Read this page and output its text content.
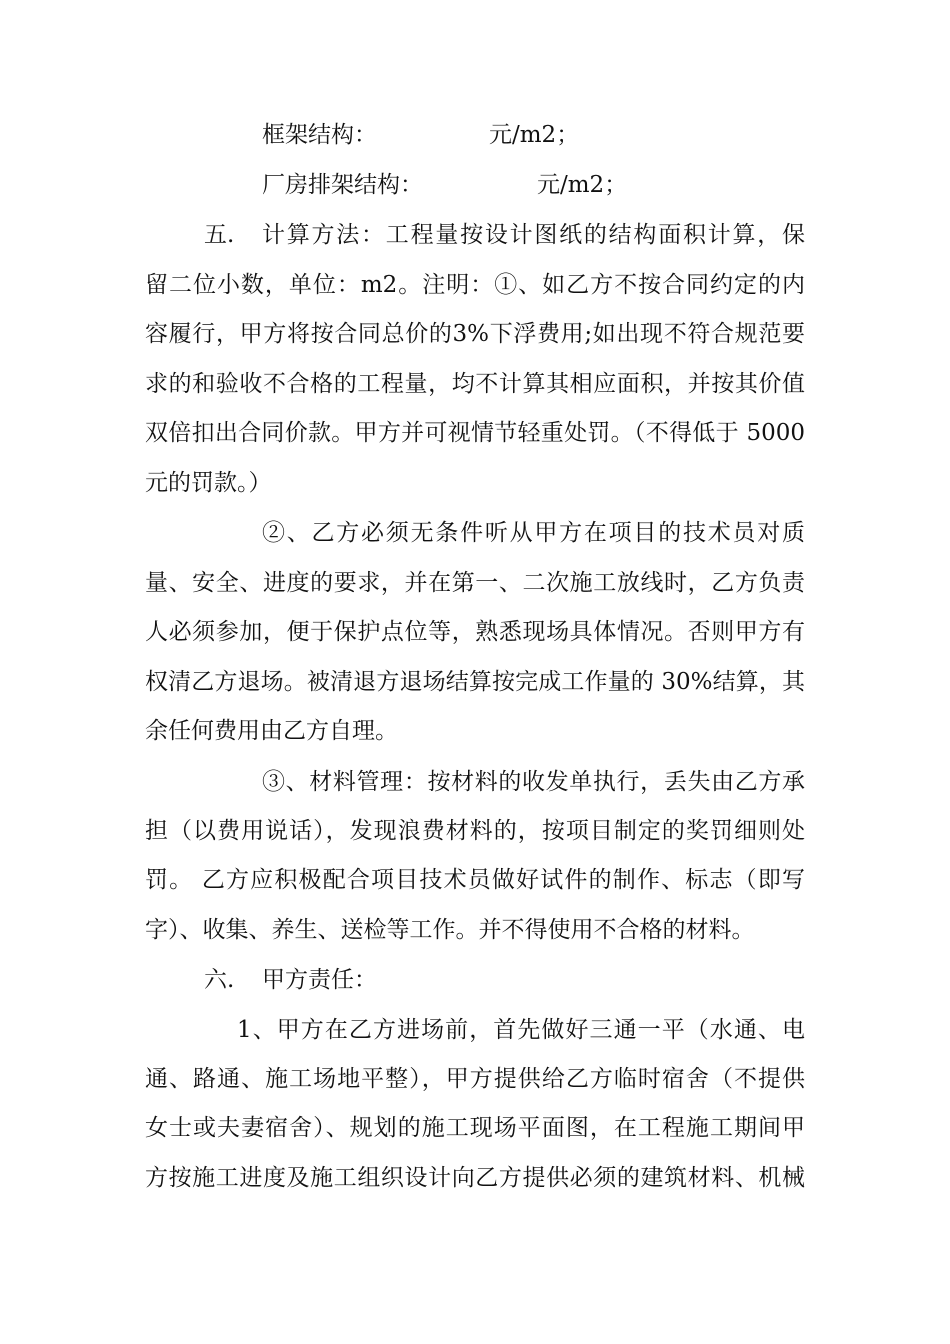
框架结构：	元/m2；
厂房排架结构：	元/m2；
五. 计算方法：工程量按设计图纸的结构面积计算，保
留二位小数，单位：m2。注明：①、如乙方不按合同约定的内
容履行，甲方将按合同总价的3%下浮费用;如出现不符合规范要
求的和验收不合格的工程量，均不计算其相应面积，并按其价值
双倍扣出合同价款。甲方并可视情节轻重处罚。（不得低于 5000
元的罚款。）
②、乙方必须无条件听从甲方在项目的技术员对质
量、安全、进度的要求，并在第一、二次施工放线时，乙方负责
人必须参加，便于保护点位等，熟悉现场具体情况。否则甲方有
权清乙方退场。被清退方退场结算按完成工作量的 30%结算，其
余任何费用由乙方自理。
③、材料管理：按材料的收发单执行，丢失由乙方承
担（以费用说话），发现浪费材料的，按项目制定的奖罚细则处
罚。 乙方应积极配合项目技术员做好试件的制作、标志（即写
字）、收集、养生、送检等工作。并不得使用不合格的材料。
六. 甲方责任：
1、甲方在乙方进场前，首先做好三通一平（水通、电
通、路通、施工场地平整），甲方提供给乙方临时宿舍（不提供
女士或夫妻宿舍）、规划的施工现场平面图，在工程施工期间甲
方按施工进度及施工组织设计向乙方提供必须的建筑材料、机械
